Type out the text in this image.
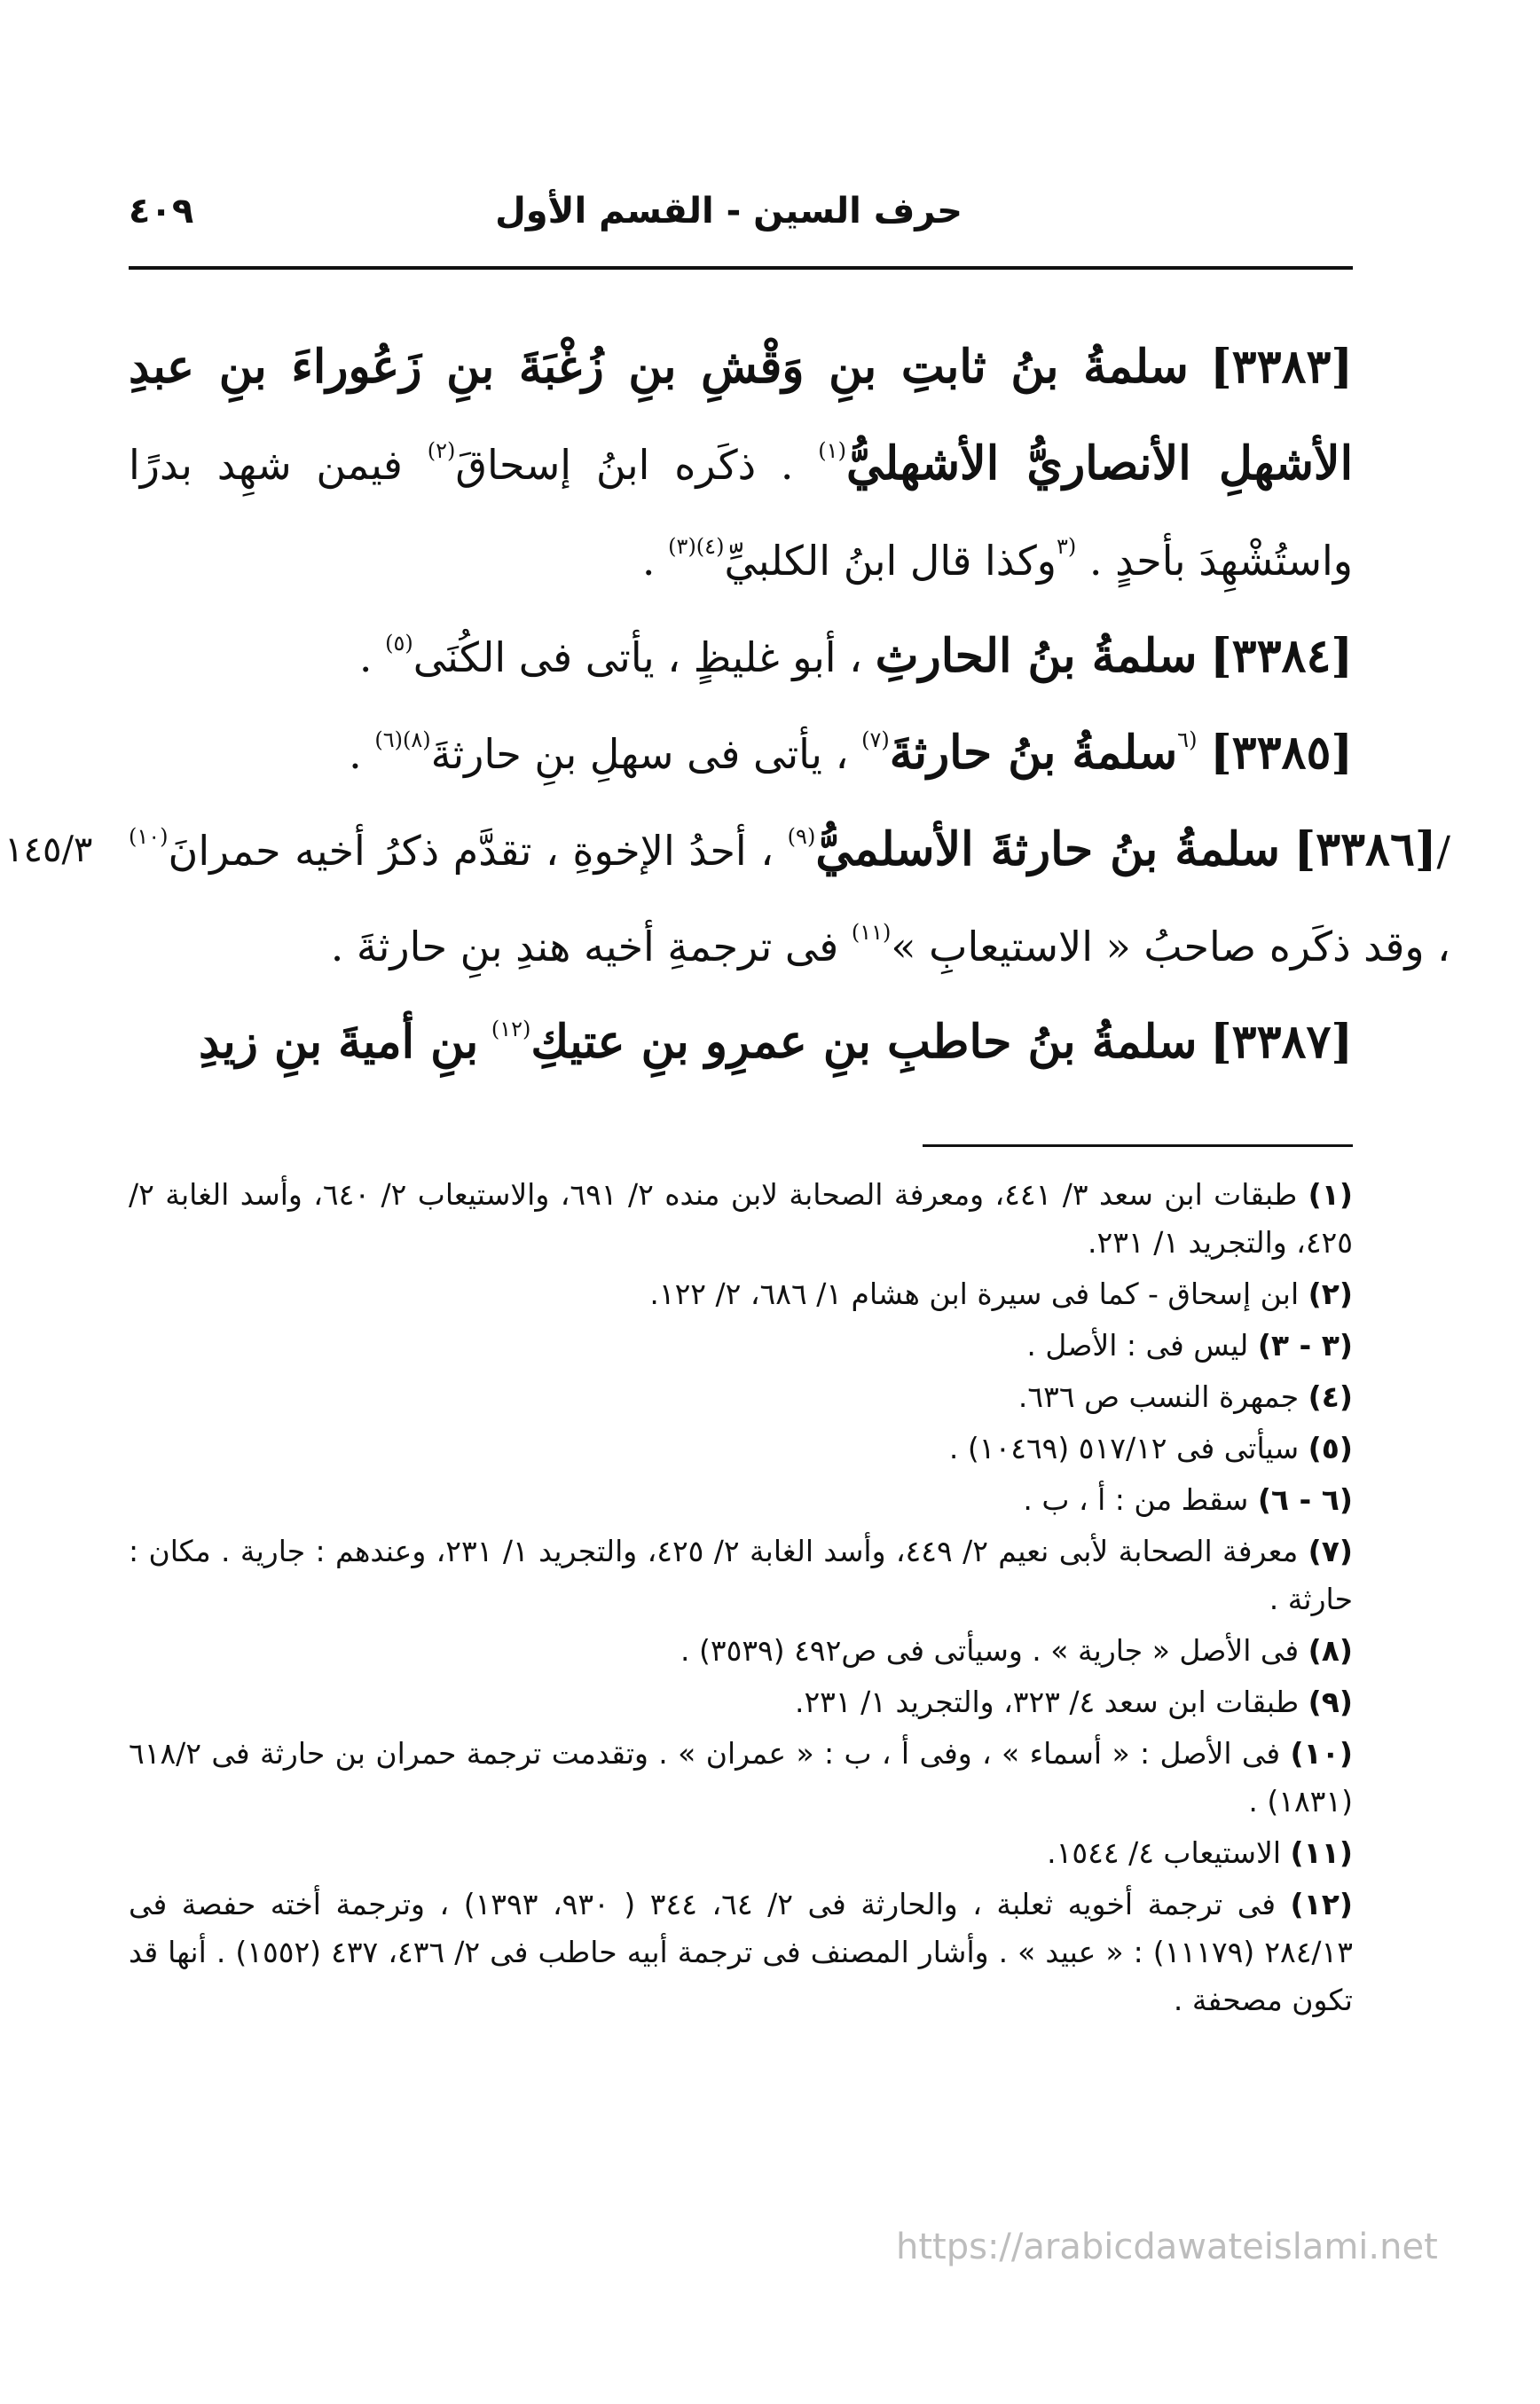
حرف السين - القسم الأول
٤٠٩

[٣٣٨٣] سلمةُ بنُ ثابتِ بنِ وَقْشِ بنِ زُغْبَةَ بنِ زَعُوراءَ بنِ عبدِ الأشهلِ الأنصاريُّ الأشهليُّ$^{(١)}$ . ذكَره ابنُ إسحاقَ$^{(٢)}$ فيمن شهِد بدرًا واستُشْهِدَ بأحدٍ . $^{(٣}$وكذا قال ابنُ الكلبيِّ$^{(٤)(٣)}$ .

[٣٣٨٤] سلمةُ بنُ الحارثِ ، أبو غليظٍ ، يأتى فى الكُنَى$^{(٥)}$ .

[٣٣٨٥] $^{(٦}$سلمةُ بنُ حارثةَ$^{(٧)}$ ، يأتى فى سهلِ بنِ حارثةَ$^{(٨)(٦)}$ .

/[٣٣٨٦] سلمةُ بنُ حارثةَ الأسلميُّ$^{(٩)}$ ، أحدُ الإخوةِ ، تقدَّم ذكرُ أخيه حمرانَ$^{(١٠)}$ ، وقد ذكَره صاحبُ « الاستيعابِ »$^{(١١)}$ فى ترجمةِ أخيه هندِ بنِ حارثةَ .
١٤٥/٣

[٣٣٨٧] سلمةُ بنُ حاطبِ بنِ عمرِو بنِ عتيكِ$^{(١٢)}$ بنِ أميةَ بنِ زيدِ

(١) طبقات ابن سعد ٣/ ٤٤١، ومعرفة الصحابة لابن منده ٢/ ٦٩١، والاستيعاب ٢/ ٦٤٠، وأسد الغابة ٢/ ٤٢٥، والتجريد ١/ ٢٣١.

(٢) ابن إسحاق - كما فى سيرة ابن هشام ١/ ٦٨٦، ٢/ ١٢٢.

(٣ - ٣) ليس فى : الأصل .

(٤) جمهرة النسب ص ٦٣٦.

(٥) سيأتى فى ٥١٧/١٢ (١٠٤٦٩) .

(٦ - ٦) سقط من : أ ، ب .

(٧) معرفة الصحابة لأبى نعيم ٢/ ٤٤٩، وأسد الغابة ٢/ ٤٢٥، والتجريد ١/ ٢٣١، وعندهم : جارية . مكان : حارثة .

(٨) فى الأصل « جارية » . وسيأتى فى ص٤٩٢ (٣٥٣٩) .

(٩) طبقات ابن سعد ٤/ ٣٢٣، والتجريد ١/ ٢٣١.

(١٠) فى الأصل : « أسماء » ، وفى أ ، ب : « عمران » . وتقدمت ترجمة حمران بن حارثة فى ٦١٨/٢ (١٨٣١) .

(١١) الاستيعاب ٤/ ١٥٤٤.

(١٢) فى ترجمة أخويه ثعلبة ، والحارثة فى ٢/ ٦٤، ٣٤٤ ( ٩٣٠، ١٣٩٣) ، وترجمة أخته حفصة فى ٢٨٤/١٣ (١١١٧٩) : « عبيد » . وأشار المصنف فى ترجمة أبيه حاطب فى ٢/ ٤٣٦، ٤٣٧ (١٥٥٢) . أنها قد تكون مصحفة .

https://arabicdawateislami.net
